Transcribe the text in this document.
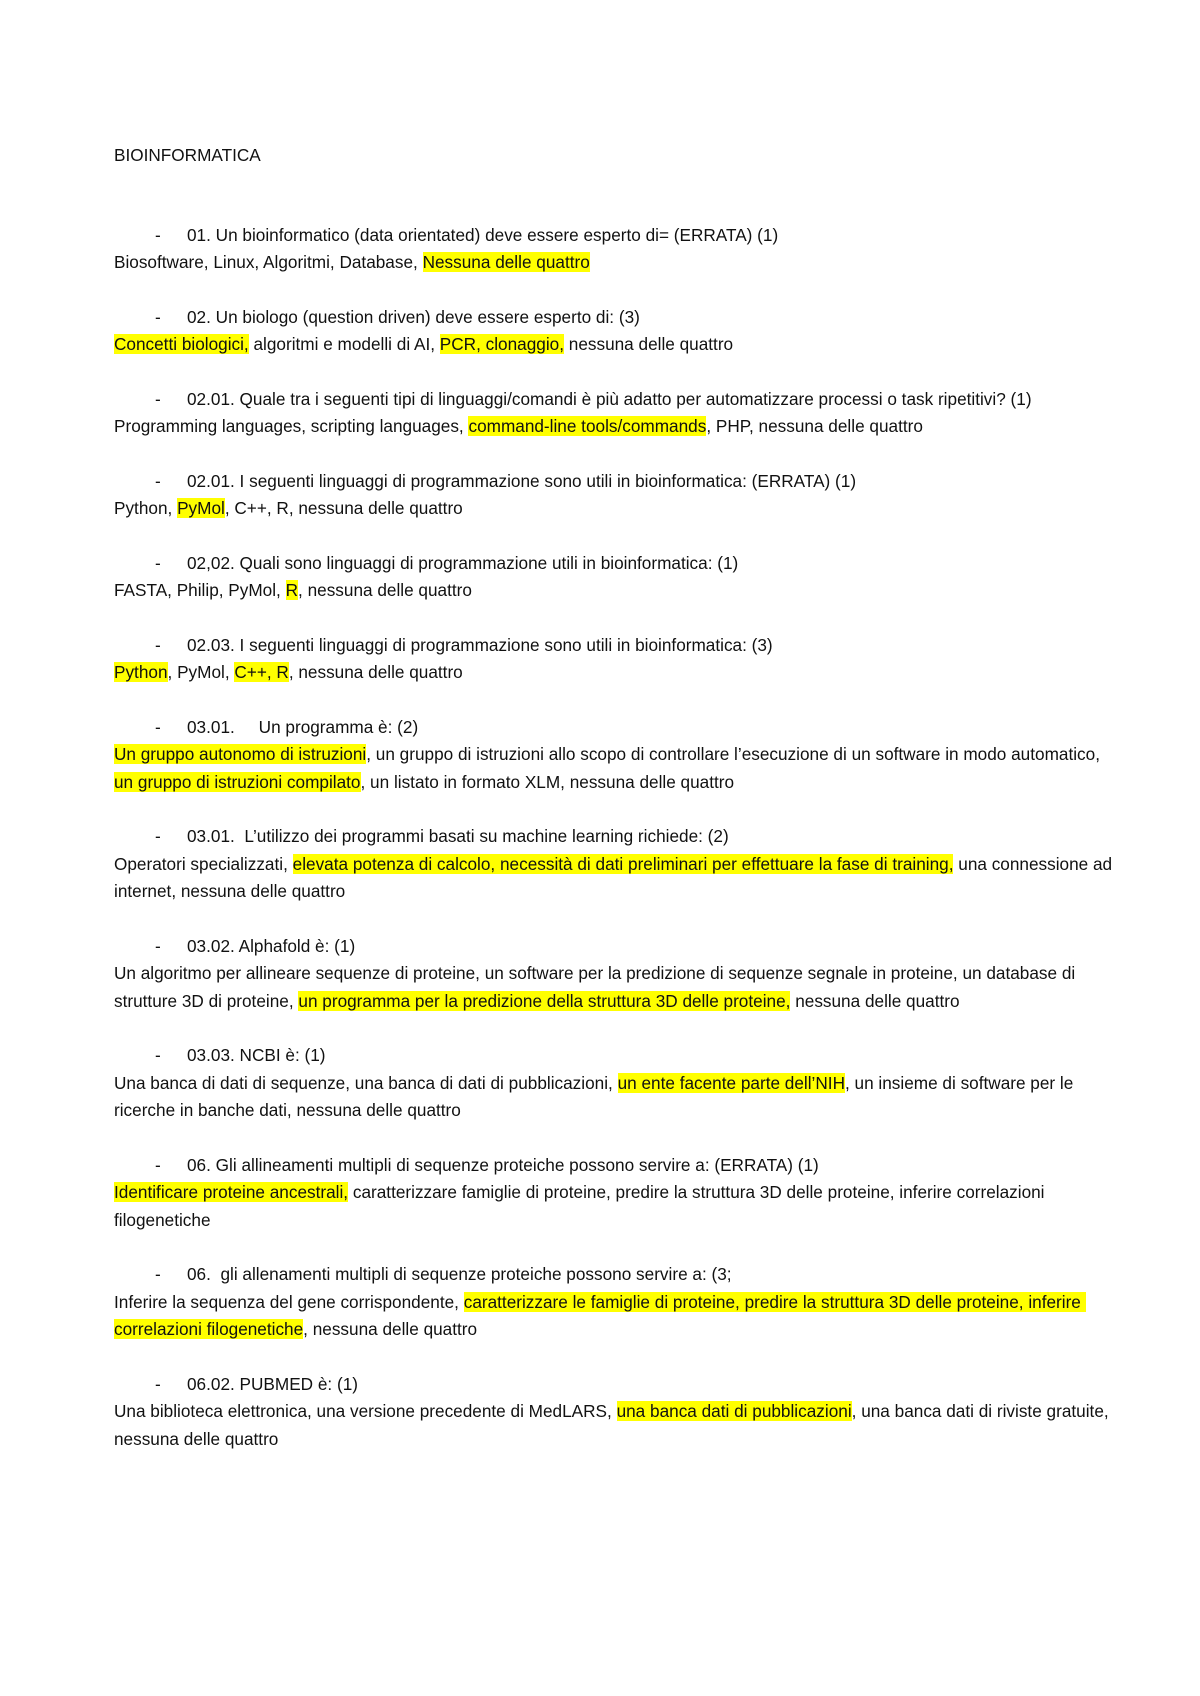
BIOINFORMATICA
- 01. Un bioinformatico (data orientated) deve essere esperto di= (ERRATA) (1)

Biosoftware, Linux, Algoritmi, Database, Nessuna delle quattro

- 02. Un biologo (question driven) deve essere esperto di: (3)

Concetti biologici, algoritmi e modelli di AI, PCR, clonaggio, nessuna delle quattro

- 02.01. Quale tra i seguenti tipi di linguaggi/comandi è più adatto per automatizzare processi o task ripetitivi? (1)

Programming languages, scripting languages, command-line tools/commands, PHP, nessuna delle quattro

- 02.01. I seguenti linguaggi di programmazione sono utili in bioinformatica: (ERRATA) (1)

Python, PyMol, C++, R, nessuna delle quattro

- 02,02. Quali sono linguaggi di programmazione utili in bioinformatica: (1)

FASTA, Philip, PyMol, R, nessuna delle quattro

- 02.03. I seguenti linguaggi di programmazione sono utili in bioinformatica: (3)

Python, PyMol, C++, R, nessuna delle quattro

- 03.01.     Un programma è: (2)

Un gruppo autonomo di istruzioni, un gruppo di istruzioni allo scopo di controllare l’esecuzione di un software in modo automatico, un gruppo di istruzioni compilato, un listato in formato XLM, nessuna delle quattro

- 03.01.  L’utilizzo dei programmi basati su machine learning richiede: (2)

Operatori specializzati, elevata potenza di calcolo, necessità di dati preliminari per effettuare la fase di training, una connessione ad internet, nessuna delle quattro

- 03.02. Alphafold è: (1)

Un algoritmo per allineare sequenze di proteine, un software per la predizione di sequenze segnale in proteine, un database di strutture 3D di proteine, un programma per la predizione della struttura 3D delle proteine, nessuna delle quattro

- 03.03. NCBI è: (1)

Una banca di dati di sequenze, una banca di dati di pubblicazioni, un ente facente parte dell’NIH, un insieme di software per le ricerche in banche dati, nessuna delle quattro

- 06. Gli allineamenti multipli di sequenze proteiche possono servire a: (ERRATA) (1)

Identificare proteine ancestrali, caratterizzare famiglie di proteine, predire la struttura 3D delle proteine, inferire correlazioni filogenetiche

- 06.  gli allenamenti multipli di sequenze proteiche possono servire a: (3;

Inferire la sequenza del gene corrispondente, caratterizzare le famiglie di proteine, predire la struttura 3D delle proteine, inferire correlazioni filogenetiche, nessuna delle quattro

- 06.02. PUBMED è: (1)

Una biblioteca elettronica, una versione precedente di MedLARS, una banca dati di pubblicazioni, una banca dati di riviste gratuite, nessuna delle quattro
